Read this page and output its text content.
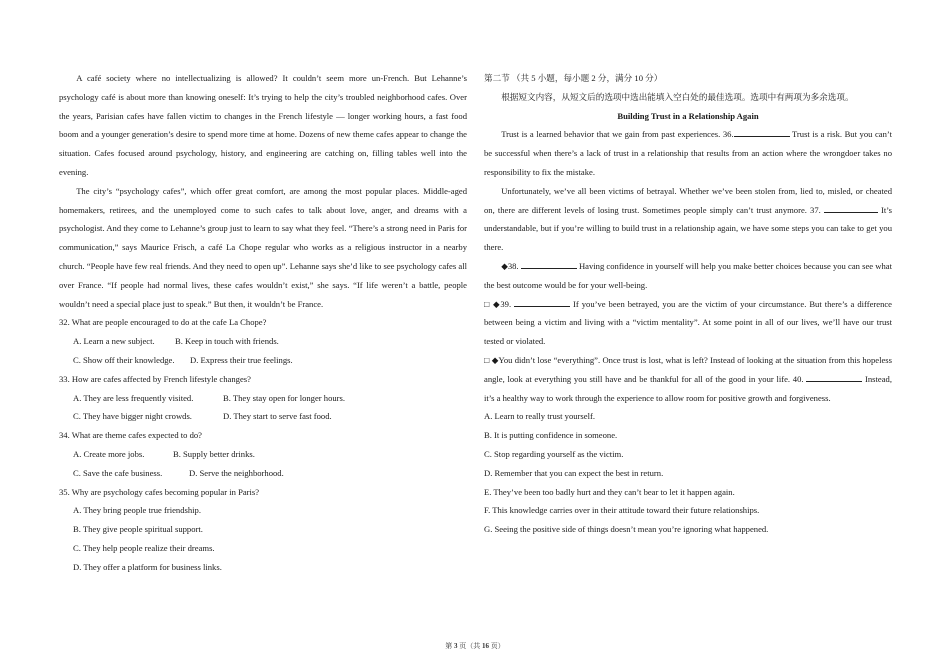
A café society where no intellectualizing is allowed? It couldn’t seem more un-French. But Lehanne’s psychology café is about more than knowing oneself: It’s trying to help the city’s troubled neighborhood cafes. Over the years, Parisian cafes have fallen victim to changes in the French lifestyle — longer working hours, a fast food boom and a younger generation’s desire to spend more time at home. Dozens of new theme cafes appear to change the situation. Cafes focused around psychology, history, and engineering are catching on, filling tables well into the evening.

The city’s “psychology cafes”, which offer great comfort, are among the most popular places. Middle-aged homemakers, retirees, and the unemployed come to such cafes to talk about love, anger, and dreams with a psychologist. And they come to Lehanne’s group just to learn to say what they feel. “There’s a strong need in Paris for communication,” says Maurice Frisch, a café La Chope regular who works as a religious instructor in a nearby church. “People have few real friends. And they need to open up”. Lehanne says she’d like to see psychology cafes all over France. “If people had normal lives, these cafes wouldn’t exist,” she says. “If life weren’t a battle, people wouldn’t need a special place just to speak.” But then, it wouldn’t be France.

32. What are people encouraged to do at the cafe La Chope?

A. Learn a new subject. B. Keep in touch with friends.

C. Show off their knowledge. D. Express their true feelings.

33. How are cafes affected by French lifestyle changes?

A. They are less frequently visited.	B. They stay open for longer hours.

C. They have bigger night crowds.	D. They start to serve fast food.

34. What are theme cafes expected to do?

A. Create more jobs.	B. Supply better drinks.

C. Save the cafe business.	D. Serve the neighborhood.

35. Why are psychology cafes becoming popular in Paris?

A. They bring people true friendship.

B. They give people spiritual support.

C. They help people realize their dreams.

D. They offer a platform for business links.

第二节 （共 5 小题，每小题 2 分，满分 10 分）

根据短文内容，从短文后的选项中选出能填入空白处的最佳选项。选项中有两项为多余选项。

Building Trust in a Relationship Again

Trust is a learned behavior that we gain from past experiences. 36.	Trust is a risk. But you can’t be successful when there’s a lack of trust in a relationship that results from an action where the wrongdoer takes no responsibility to fix the mistake.

Unfortunately, we’ve all been victims of betrayal. Whether we’ve been stolen from, lied to, misled, or cheated on, there are different levels of losing trust. Sometimes people simply can’t trust anymore. 37.	It’s understandable, but if you’re willing to build trust in a relationship again, we have some steps you can take to get you there.

◆38.	Having confidence in yourself will help you make better choices because you can see what the best outcome would be for your well-being.

□ ◆39.	If you’ve been betrayed, you are the victim of your circumstance. But there’s a difference between being a victim and living with a “victim mentality”. At some point in all of our lives, we’ll have our trust tested or violated.

□ ◆You didn’t lose “everything”. Once trust is lost, what is left? Instead of looking at the situation from this hopeless angle, look at everything you still have and be thankful for all of the good in your life. 40.	Instead, it’s a healthy way to work through the experience to allow room for positive growth and forgiveness.

A. Learn to really trust yourself.

B. It is putting confidence in someone.

C. Stop regarding yourself as the victim.

D. Remember that you can expect the best in return.

E. They’ve been too badly hurt and they can’t bear to let it happen again.

F. This knowledge carries over in their attitude toward their future relationships.

G. Seeing the positive side of things doesn’t mean you’re ignoring what happened.

第 3 页（共 16 页）
